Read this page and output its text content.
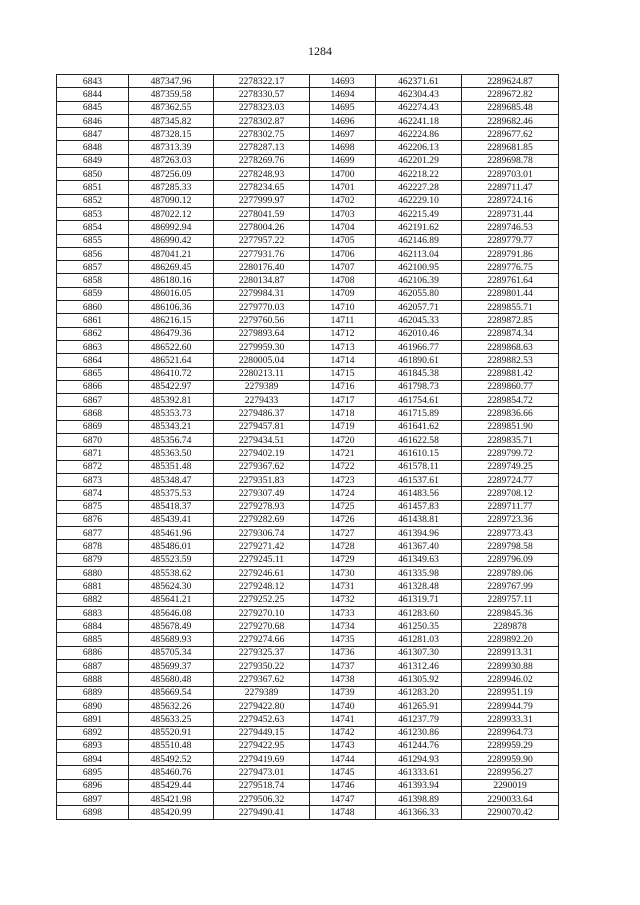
1284
6843	487347.96	2278322.17	14693	462371.61	2289624.87
6844	487359.58	2278330.57	14694	462304.43	2289672.82
6845	487362.55	2278323.03	14695	462274.43	2289685.48
6846	487345.82	2278302.87	14696	462241.18	2289682.46
6847	487328.15	2278302.75	14697	462224.86	2289677.62
6848	487313.39	2278287.13	14698	462206.13	2289681.85
6849	487263.03	2278269.76	14699	462201.29	2289698.78
6850	487256.09	2278248.93	14700	462218.22	2289703.01
6851	487285.33	2278234.65	14701	462227.28	2289711.47
6852	487090.12	2277999.97	14702	462229.10	2289724.16
6853	487022.12	2278041.59	14703	462215.49	2289731.44
6854	486992.94	2278004.26	14704	462191.62	2289746.53
6855	486990.42	2277957.22	14705	462146.89	2289779.77
6856	487041.21	2277931.76	14706	462113.04	2289791.86
6857	486269.45	2280176.40	14707	462100.95	2289776.75
6858	486180.16	2280134.87	14708	462106.39	2289761.64
6859	486016.05	2279984.31	14709	462055.80	2289801.44
6860	486106.36	2279770.03	14710	462057.71	2289855.71
6861	486216.15	2279760.56	14711	462045.33	2289872.85
6862	486479.36	2279893.64	14712	462010.46	2289874.34
6863	486522.60	2279959.30	14713	461966.77	2289868.63
6864	486521.64	2280005.04	14714	461890.61	2289882.53
6865	486410.72	2280213.11	14715	461845.38	2289881.42
6866	485422.97	2279389	14716	461798.73	2289860.77
6867	485392.81	2279433	14717	461754.61	2289854.72
6868	485353.73	2279486.37	14718	461715.89	2289836.66
6869	485343.21	2279457.81	14719	461641.62	2289851.90
6870	485356.74	2279434.51	14720	461622.58	2289835.71
6871	485363.50	2279402.19	14721	461610.15	2289799.72
6872	485351.48	2279367.62	14722	461578.11	2289749.25
6873	485348.47	2279351.83	14723	461537.61	2289724.77
6874	485375.53	2279307.49	14724	461483.56	2289708.12
6875	485418.37	2279278.93	14725	461457.83	2289711.77
6876	485439.41	2279282.69	14726	461438.81	2289723.36
6877	485461.96	2279306.74	14727	461394.96	2289773.43
6878	485486.01	2279271.42	14728	461367.40	2289798.58
6879	485523.59	2279245.11	14729	461349.63	2289796.09
6880	485538.62	2279246.61	14730	461335.98	2289789.06
6881	485624.30	2279248.12	14731	461328.48	2289767.99
6882	485641.21	2279252.25	14732	461319.71	2289757.11
6883	485646.08	2279270.10	14733	461283.60	2289845.36
6884	485678.49	2279270.68	14734	461250.35	2289878
6885	485689.93	2279274.66	14735	461281.03	2289892.20
6886	485705.34	2279325.37	14736	461307.30	2289913.31
6887	485699.37	2279350.22	14737	461312.46	2289930.88
6888	485680.48	2279367.62	14738	461305.92	2289946.02
6889	485669.54	2279389	14739	461283.20	2289951.19
6890	485632.26	2279422.80	14740	461265.91	2289944.79
6891	485633.25	2279452.63	14741	461237.79	2289933.31
6892	485520.91	2279449.15	14742	461230.86	2289964.73
6893	485510.48	2279422.95	14743	461244.76	2289959.29
6894	485492.52	2279419.69	14744	461294.93	2289959.90
6895	485460.76	2279473.01	14745	461333.61	2289956.27
6896	485429.44	2279518.74	14746	461393.94	2290019
6897	485421.98	2279506.32	14747	461398.89	2290033.64
6898	485420.99	2279490.41	14748	461366.33	2290070.42
